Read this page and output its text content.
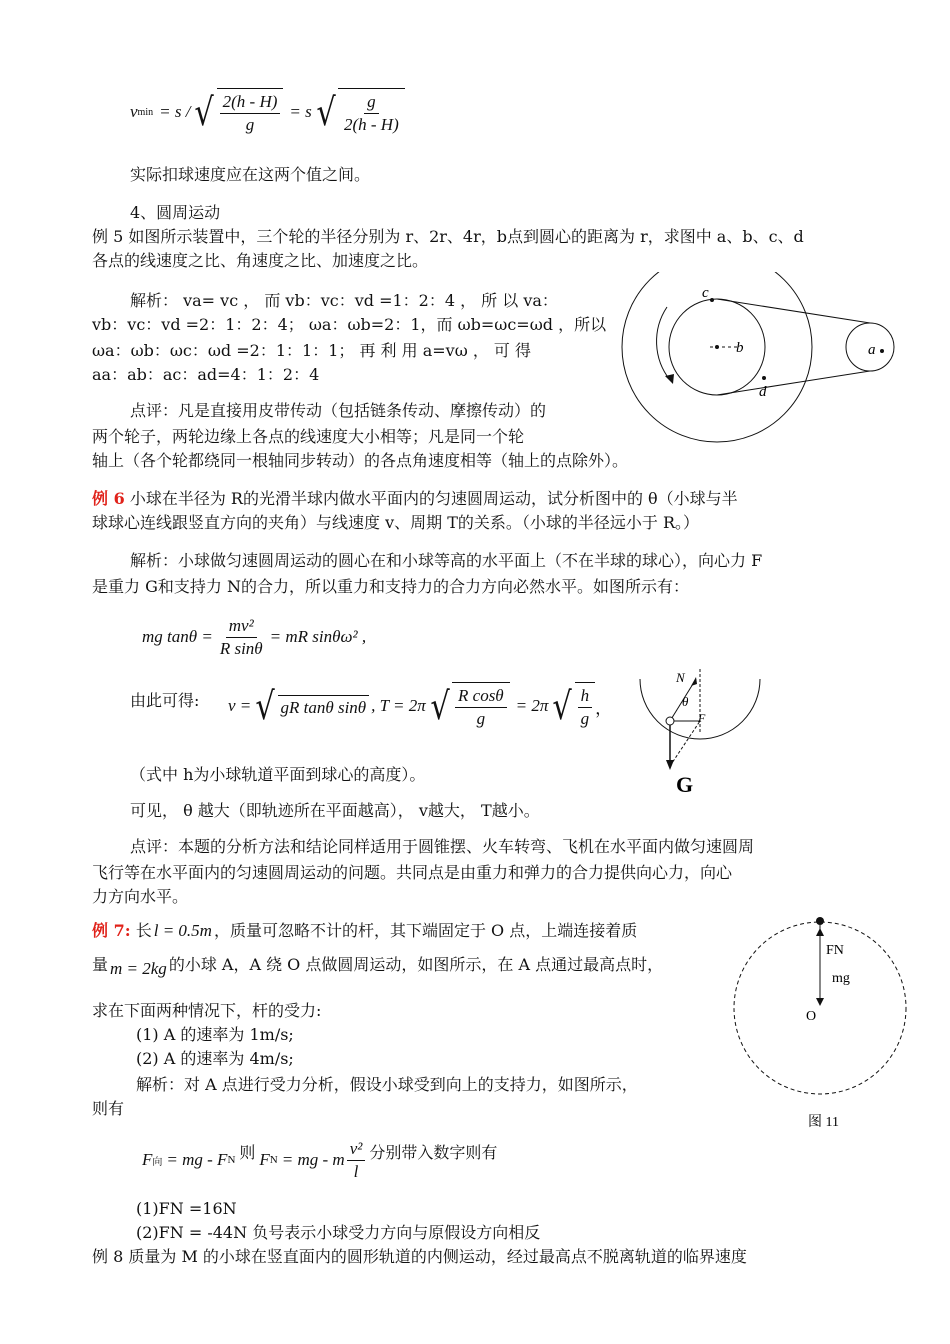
v min = s / √ $\frac{2(h - H)}{g} = s$ √ $\frac{g}{2(h - H)}$
实际扣球速度应在这两个值之间。
4、圆周运动
例 5 如图所示装置中，三个轮的半径分别为 r、2r、4r，b点到圆心的距离为 r，求图中 a、b、c、d
各点的线速度之比、角速度之比、加速度之比。
解析： va= vc ， 而 vb：vc：vd =1：2：4 ， 所 以 va：
vb：vc：vd =2：1：2：4； ωa：ωb=2：1，而 ωb=ωc=ωd ，所以
ωa：ωb：ωc：ωd =2：1：1：1； 再 利 用 a=vω ， 可 得
aa：ab：ac：ad=4：1：2：4
点评：凡是直接用皮带传动（包括链条传动、摩擦传动）的
两个轮子，两轮边缘上各点的线速度大小相等；凡是同一个轮
轴上（各个轮都绕同一根轴同步转动）的各点角速度相等（轴上的点除外）。
c
b	a
d
例 6 小球在半径为 R的光滑半球内做水平面内的匀速圆周运动，试分析图中的 θ（小球与半
球球心连线跟竖直方向的夹角）与线速度 v、周期 T的关系。（小球的半径远小于 R。）
解析：小球做匀速圆周运动的圆心在和小球等高的水平面上（不在半球的球心），向心力 F
是重力 G和支持力 N的合力，所以重力和支持力的合力方向必然水平。如图所示有：
mg $\tan\theta = \frac{\text{mv²}}{\text{R sinθ}}$ = mR sinθω² ,
由此可得: v = √ gR tanθ sinθ , T = 2π √ $\frac{\text{R cosθ}}{g} = 2\pi$ √ $\frac{h}{g}$ ，
（式中 h为小球轨道平面到球心的高度）。
可见， θ 越大（即轨迹所在平面越高）， v越大， T越小。
点评：本题的分析方法和结论同样适用于圆锥摆、火车转弯、飞机在水平面内做匀速圆周
飞行等在水平面内的匀速圆周运动的问题。共同点是由重力和弹力的合力提供向心力，向心
力方向水平。
N
θ
F
G
例 7:
长 l = 0.5m ，质量可忽略不计的杆，其下端固定于 O 点，上端连接着质
量 m = 2kg 的小球 A，A 绕 O 点做圆周运动，如图所示，在 A 点通过最高点时，
求在下面两种情况下，杆的受力:
(1) A 的速率为 1m/s;
(2) A 的速率为 4m/s;
解析：对 A 点进行受力分析，假设小球受到向上的支持力，如图所示，
则有
F 向 = mg - F N 则 F N = mg - m $\frac{\text{v²}}{l}$ 分别带入数字则有
(1)FN =16N
(2)FN = -44N 负号表示小球受力方向与原假设方向相反
FN
mg
O
图 11
例 8 质量为 M 的小球在竖直面内的圆形轨道的内侧运动，经过最高点不脱离轨道的临界速度
